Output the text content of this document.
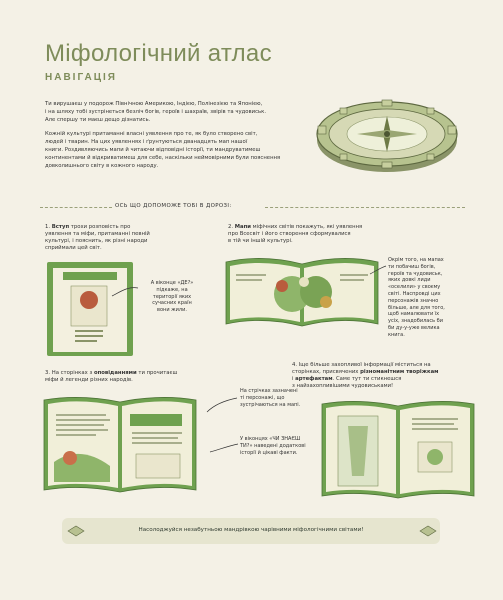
Міфологічний атлас
НАВІГАЦІЯ
Ти вирушаєш у подорож Північною Америкою, Індією, Полінезією та Японією,
і на шляху тобі зустрінеться безліч богів, героїв і шахраїв, звірів та чудовиськ.
Але спершу ти маєш дещо дізнатись.
Кожній культурі притаманні власні уявлення про те, як було створено світ,
людей і тварин. На цих уявленнях і ґрунтуються дванадцять мап нашої
книги. Роздивляючись мапи й читаючи відповідні історії, ти мандруватимеш
континентами й відкриватимеш для себе, наскільки неймовірними були пояснення
довколишнього світу в кожного народу.
ОСЬ ЩО ДОПОМОЖЕ ТОБІ В ДОРОЗІ:
1. Вступ трохи розповість про
уявлення та міфи, притаманні певній
культурі, і пояснить, як різні народи
сприймали цей світ.
А віконце «ДЕ?»
підкаже, на
території яких
сучасних країн
вони жили.
2. Мапи міфічних світів покажуть, які уявлення
про Всесвіт і його створення сформувалися
в тій чи іншій культурі.
Окрім того, на мапах
ти побачиш богів,
героїв та чудовиськ,
яких довкі лиди
«оселили» у своєму
світі. Наспровді цих
персонажів значно
більше, але для того,
щоб намалювати їх
усіх, знадобилась би
би ду-у-уже велика
книга.
3. На сторінках з оповіданнями ти прочитаєш
міфи й легенди різних народів.
На стрічках зазначені
ті персонажі, що
зустрічаються на мапі.
У віконцях «ЧИ ЗНАЄШ
ТИ?» наведені додаткові
історії й цікаві факти.
4. Іще більше захопливої інформації міститься на
сторінках, присвячених різноманітним творіжкам
і артефактам. Саме тут ти стикнешся
з найзахопливішими чудовиськами!
Насолоджуйся незабутньою мандрівкою чарівними міфологічними світами!
